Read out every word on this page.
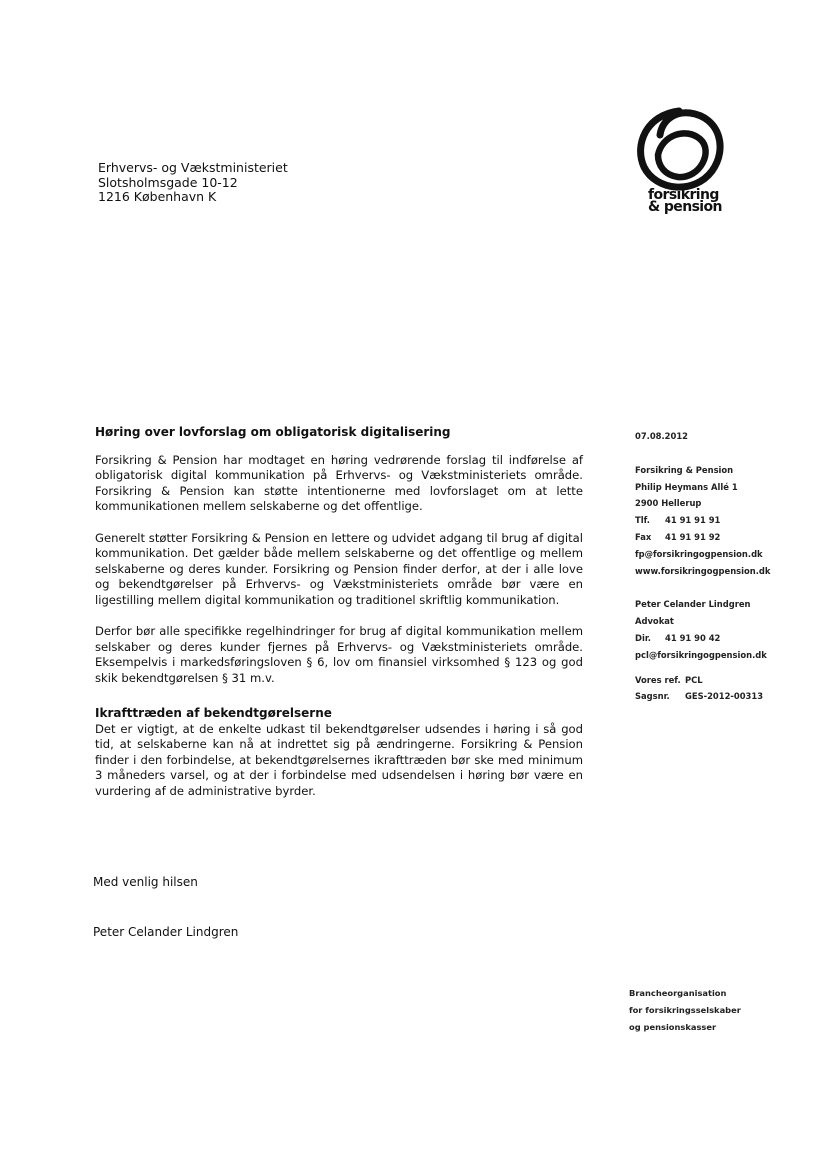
Erhvervs- og Vækstministeriet
Slotsholmsgade 10-12
1216 København K	forsikring
& pension
Høring over lovforslag om obligatorisk digitalisering

Forsikring & Pension har modtaget en høring vedrørende forslag til indførelse af obligatorisk digital kommunikation på Erhvervs- og Vækstministeriets område. Forsikring & Pension kan støtte intentionerne med lovforslaget om at lette kommunikationen mellem selskaberne og det offentlige.

Generelt støtter Forsikring & Pension en lettere og udvidet adgang til brug af digital kommunikation. Det gælder både mellem selskaberne og det offentlige og mellem selskaberne og deres kunder. Forsikring og Pension finder derfor, at der i alle love og bekendtgørelser på Erhvervs- og Vækstministeriets område bør være en ligestilling mellem digital kommunikation og traditionel skriftlig kommunikation.

Derfor bør alle specifikke regelhindringer for brug af digital kommunikation mellem selskaber og deres kunder fjernes på Erhvervs- og Vækstministeriets område. Eksempelvis i markedsføringsloven § 6, lov om finansiel virksomhed § 123 og god skik bekendtgørelsen § 31 m.v.

Ikrafttræden af bekendtgørelserne

Det er vigtigt, at de enkelte udkast til bekendtgørelser udsendes i høring i så god tid, at selskaberne kan nå at indrettet sig på ændringerne. Forsikring & Pension finder i den forbindelse, at bekendtgørelsernes ikrafttræden bør ske med minimum 3 måneders varsel, og at der i forbindelse med udsendelsen i høring bør være en vurdering af de administrative byrder.

Med venlig hilsen
Peter Celander Lindgren
07.08.2012
Forsikring & Pension
Philip Heymans Allé 1
2900 Hellerup
Tlf. 41 91 91 91
Fax 41 91 91 92
fp@forsikringogpension.dk
www.forsikringogpension.dk
Peter Celander Lindgren
Advokat
Dir. 41 91 90 42
pcl@forsikringogpension.dk
Vores ref. PCL
Sagsnr. GES-2012-00313
Brancheorganisation
for forsikringsselskaber
og pensionskasser
